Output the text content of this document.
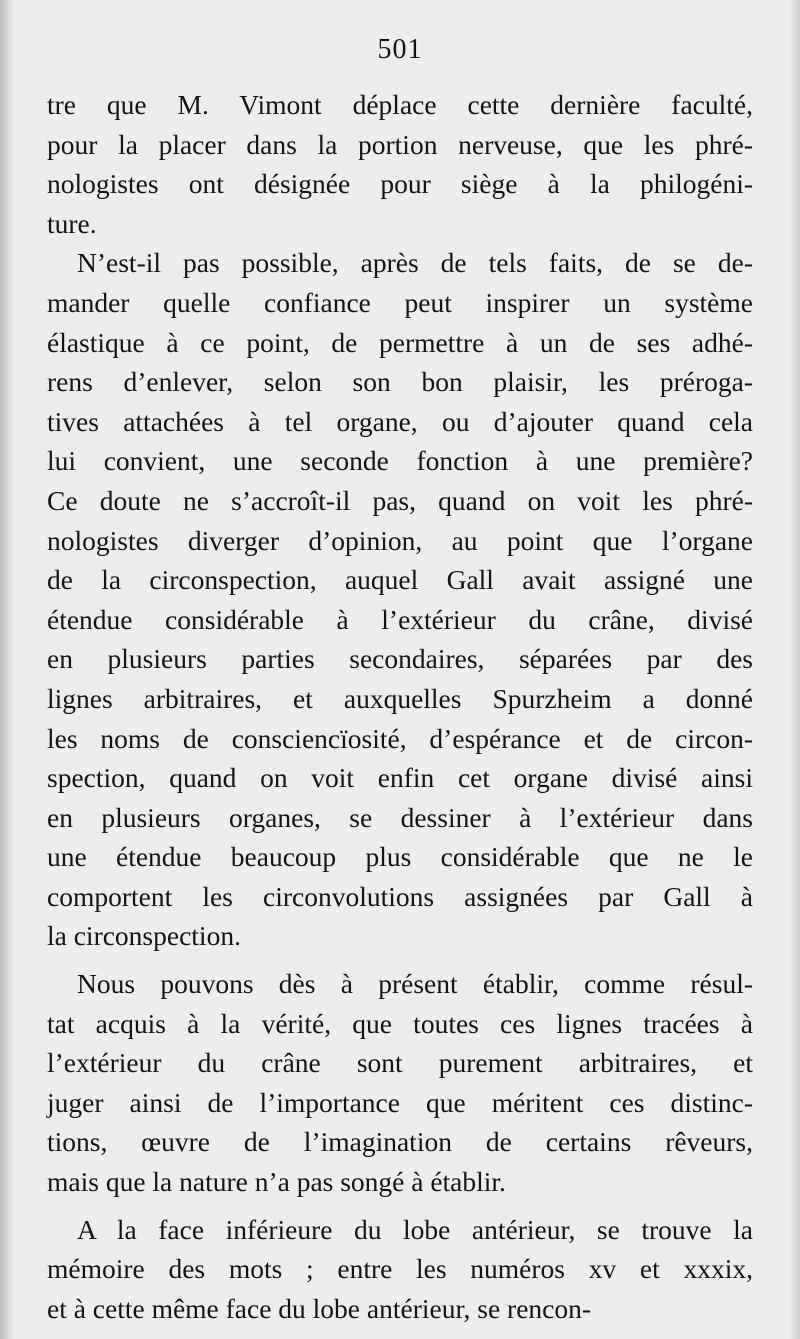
501
tre que M. Vimont déplace cette dernière faculté,
pour la placer dans la portion nerveuse, que les phré-
nologistes ont désignée pour siège à la philogéni-
ture.
N’est-il pas possible, après de tels faits, de se de-
mander quelle confiance peut inspirer un système
élastique à ce point, de permettre à un de ses adhé-
rens d’enlever, selon son bon plaisir, les préroga-
tives attachées à tel organe, ou d’ajouter quand cela
lui convient, une seconde fonction à une première?
Ce doute ne s’accroît-il pas, quand on voit les phré-
nologistes diverger d’opinion, au point que l’organe
de la circonspection, auquel Gall avait assigné une
étendue considérable à l’extérieur du crâne, divisé
en plusieurs parties secondaires, séparées par des
lignes arbitraires, et auxquelles Spurzheim a donné
les noms de consciencïosité, d’espérance et de circon-
spection, quand on voit enfin cet organe divisé ainsi
en plusieurs organes, se dessiner à l’extérieur dans
une étendue beaucoup plus considérable que ne le
comportent les circonvolutions assignées par Gall à
la circonspection.
Nous pouvons dès à présent établir, comme résul-
tat acquis à la vérité, que toutes ces lignes tracées à
l’extérieur du crâne sont purement arbitraires, et
juger ainsi de l’importance que méritent ces distinc-
tions, œuvre de l’imagination de certains rêveurs,
mais que la nature n’a pas songé à établir.
A la face inférieure du lobe antérieur, se trouve la
mémoire des mots ; entre les numéros xv et xxxix,
et à cette même face du lobe antérieur, se rencon-
